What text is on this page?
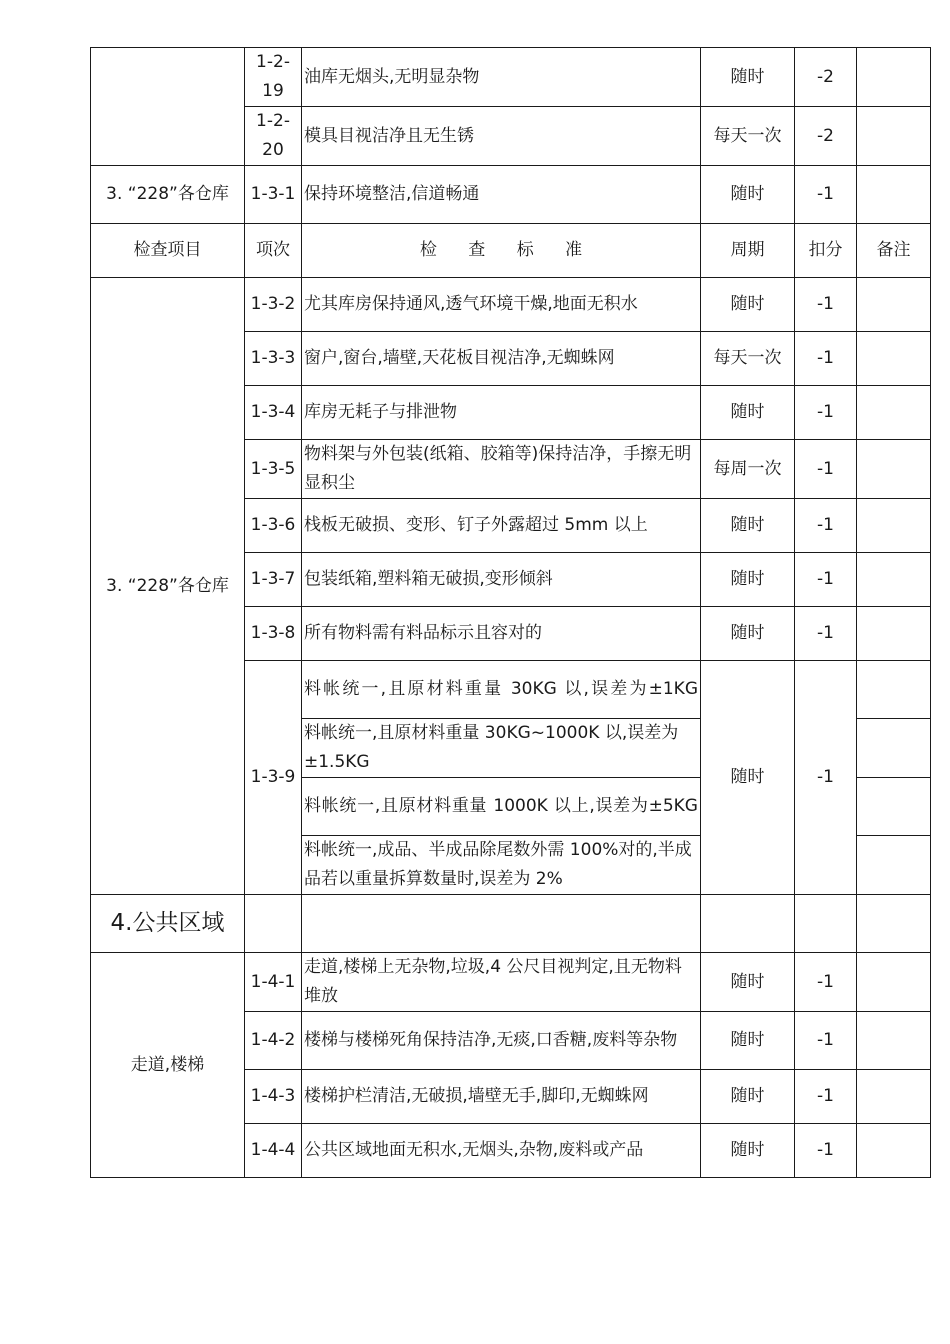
	1-2-19	油库无烟头,无明显杂物	随时	-2	
	1-2-20	模具目视洁净且无生锈	每天一次	-2	
3. “228”各仓库	1-3-1	保持环境整洁,信道畅通	随时	-1	
检查项目	项次	检 查 标 准	周期	扣分	备注
3. “228”各仓库	1-3-2	尤其库房保持通风,透气环境干燥,地面无积水	随时	-1	
	1-3-3	窗户,窗台,墙壁,天花板目视洁净,无蜘蛛网	每天一次	-1	
	1-3-4	库房无耗子与排泄物	随时	-1	
	1-3-5	物料架与外包装(纸箱、胶箱等)保持洁净，手擦无明显积尘	每周一次	-1	
	1-3-6	栈板无破损、变形、钉子外露超过 5mm 以上	随时	-1	
	1-3-7	包装纸箱,塑料箱无破损,变形倾斜	随时	-1	
	1-3-8	所有物料需有料品标示且容对的	随时	-1	
	1-3-9	料帐统一,且原材料重量 30KG 以,误差为±1KG	随时	-1	
		料帐统一,且原材料重量 30KG~1000K 以,误差为±1.5KG			
		料帐统一,且原材料重量 1000K 以上,误差为±5KG			
		料帐统一,成品、半成品除尾数外需 100%对的,半成品若以重量拆算数量时,误差为 2%			
4.公共区域					
走道,楼梯	1-4-1	走道,楼梯上无杂物,垃圾,4 公尺目视判定,且无物料堆放	随时	-1	
	1-4-2	楼梯与楼梯死角保持洁净,无痰,口香糖,废料等杂物	随时	-1	
	1-4-3	楼梯护栏清洁,无破损,墙壁无手,脚印,无蜘蛛网	随时	-1	
	1-4-4	公共区域地面无积水,无烟头,杂物,废料或产品	随时	-1	
